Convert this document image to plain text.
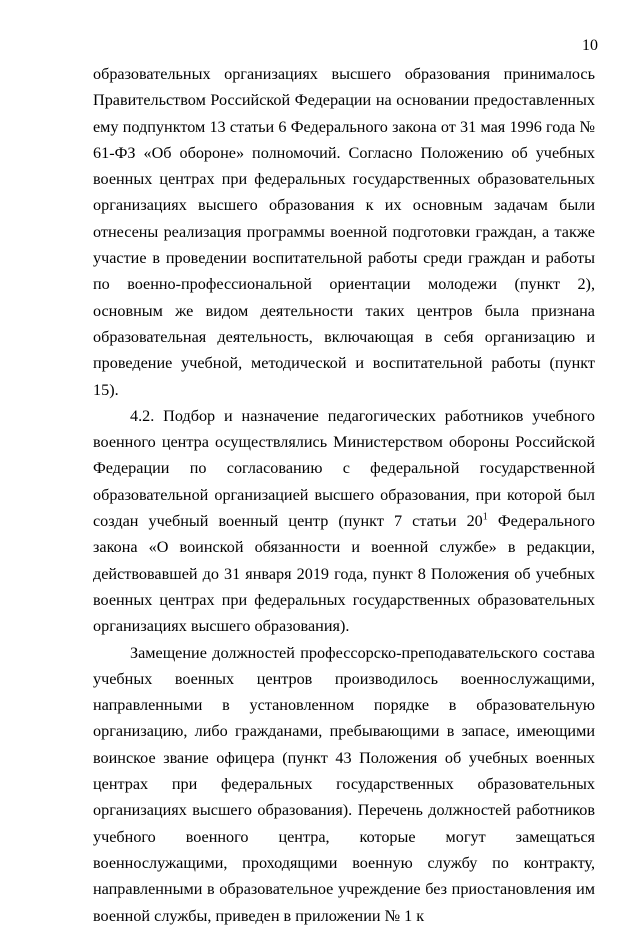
10

образовательных организациях высшего образования принималось Правительством Российской Федерации на основании предоставленных ему подпунктом 13 статьи 6 Федерального закона от 31 мая 1996 года № 61-ФЗ «Об обороне» полномочий. Согласно Положению об учебных военных центрах при федеральных государственных образовательных организациях высшего образования к их основным задачам были отнесены реализация программы военной подготовки граждан, а также участие в проведении воспитательной работы среди граждан и работы по военно-профессиональной ориентации молодежи (пункт 2), основным же видом деятельности таких центров была признана образовательная деятельность, включающая в себя организацию и проведение учебной, методической и воспитательной работы (пункт 15).

4.2. Подбор и назначение педагогических работников учебного военного центра осуществлялись Министерством обороны Российской Федерации по согласованию с федеральной государственной образовательной организацией высшего образования, при которой был создан учебный военный центр (пункт 7 статьи $20^1$ Федерального закона «О воинской обязанности и военной службе» в редакции, действовавшей до 31 января 2019 года, пункт 8 Положения об учебных военных центрах при федеральных государственных образовательных организациях высшего образования).

Замещение должностей профессорско-преподавательского состава учебных военных центров производилось военнослужащими, направленными в установленном порядке в образовательную организацию, либо гражданами, пребывающими в запасе, имеющими воинское звание офицера (пункт 43 Положения об учебных военных центрах при федеральных государственных образовательных организациях высшего образования). Перечень должностей работников учебного военного центра, которые могут замещаться военнослужащими, проходящими военную службу по контракту, направленными в образовательное учреждение без приостановления им военной службы, приведен в приложении № 1 к
